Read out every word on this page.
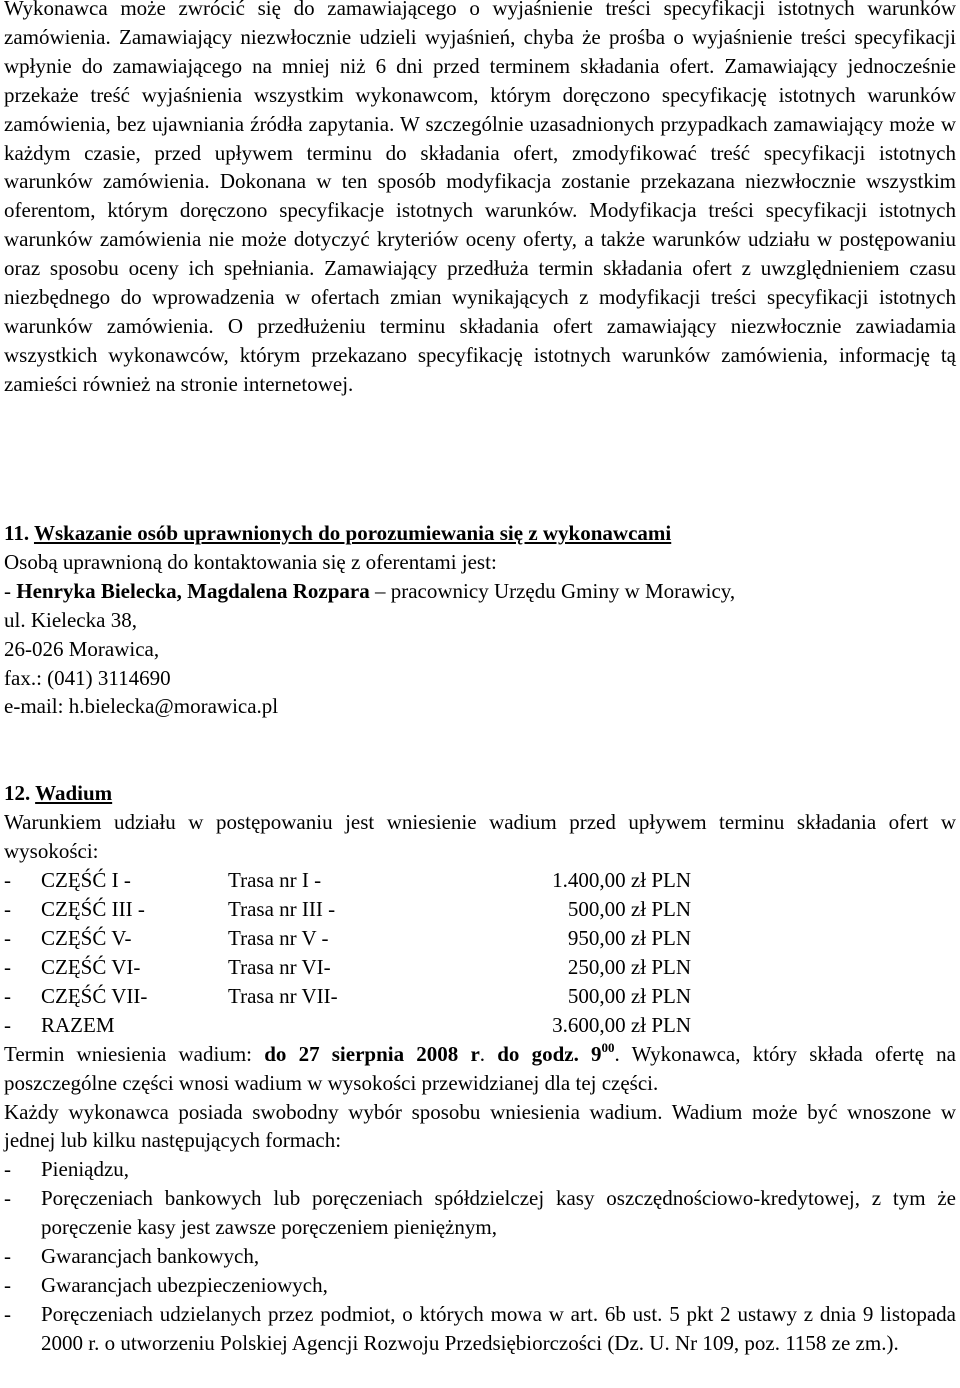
Wykonawca może zwrócić się do zamawiającego o wyjaśnienie treści specyfikacji istotnych warunków zamówienia. Zamawiający niezwłocznie udzieli wyjaśnień, chyba że prośba o wyjaśnienie treści specyfikacji wpłynie do zamawiającego na mniej niż 6 dni przed terminem składania ofert. Zamawiający jednocześnie przekaże treść wyjaśnienia wszystkim wykonawcom, którym doręczono specyfikację istotnych warunków zamówienia, bez ujawniania źródła zapytania. W szczególnie uzasadnionych przypadkach zamawiający może w każdym czasie, przed upływem terminu do składania ofert, zmodyfikować treść specyfikacji istotnych warunków zamówienia. Dokonana w ten sposób modyfikacja zostanie przekazana niezwłocznie wszystkim oferentom, którym doręczono specyfikacje istotnych warunków. Modyfikacja treści specyfikacji istotnych warunków zamówienia nie może dotyczyć kryteriów oceny oferty, a także warunków udziału w postępowaniu oraz sposobu oceny ich spełniania. Zamawiający przedłuża termin składania ofert z uwzględnieniem czasu niezbędnego do wprowadzenia w ofertach zmian wynikających z modyfikacji treści specyfikacji istotnych warunków zamówienia. O przedłużeniu terminu składania ofert zamawiający niezwłocznie zawiadamia wszystkich wykonawców, którym przekazano specyfikację istotnych warunków zamówienia, informację tą zamieści również na stronie internetowej.
11. Wskazanie osób uprawnionych do porozumiewania się z wykonawcami
Osobą uprawnioną do kontaktowania się z oferentami jest:
- Henryka Bielecka, Magdalena Rozpara – pracownicy Urzędu Gminy w Morawicy,
ul. Kielecka 38,
26-026 Morawica,
fax.: (041) 3114690
e-mail: h.bielecka@morawica.pl
12. Wadium
Warunkiem udziału w postępowaniu jest wniesienie wadium przed upływem terminu składania ofert w wysokości:
-	CZĘŚĆ I -	Trasa nr I -	1.400,00 zł PLN
-	CZĘŚĆ III -	Trasa nr III -	500,00 zł PLN
-	CZĘŚĆ V-	Trasa nr V -	950,00 zł PLN
-	CZĘŚĆ VI-	Trasa nr VI-	250,00 zł PLN
-	CZĘŚĆ VII-	Trasa nr VII-	500,00 zł PLN
-	RAZEM		3.600,00 zł PLN
Termin wniesienia wadium: do 27 sierpnia 2008 r. do godz. $9^{00}$. Wykonawca, który składa ofertę na poszczególne części wnosi wadium w wysokości przewidzianej dla tej części.
Każdy wykonawca posiada swobodny wybór sposobu wniesienia wadium. Wadium może być wnoszone w jednej lub kilku następujących formach:
- Pieniądzu,
- Poręczeniach bankowych lub poręczeniach spółdzielczej kasy oszczędnościowo-kredytowej, z tym że poręczenie kasy jest zawsze poręczeniem pieniężnym,
- Gwarancjach bankowych,
- Gwarancjach ubezpieczeniowych,
- Poręczeniach udzielanych przez podmiot, o których mowa w art. 6b ust. 5 pkt 2 ustawy z dnia 9 listopada 2000 r. o utworzeniu Polskiej Agencji Rozwoju Przedsiębiorczości (Dz. U. Nr 109, poz. 1158 ze zm.).
